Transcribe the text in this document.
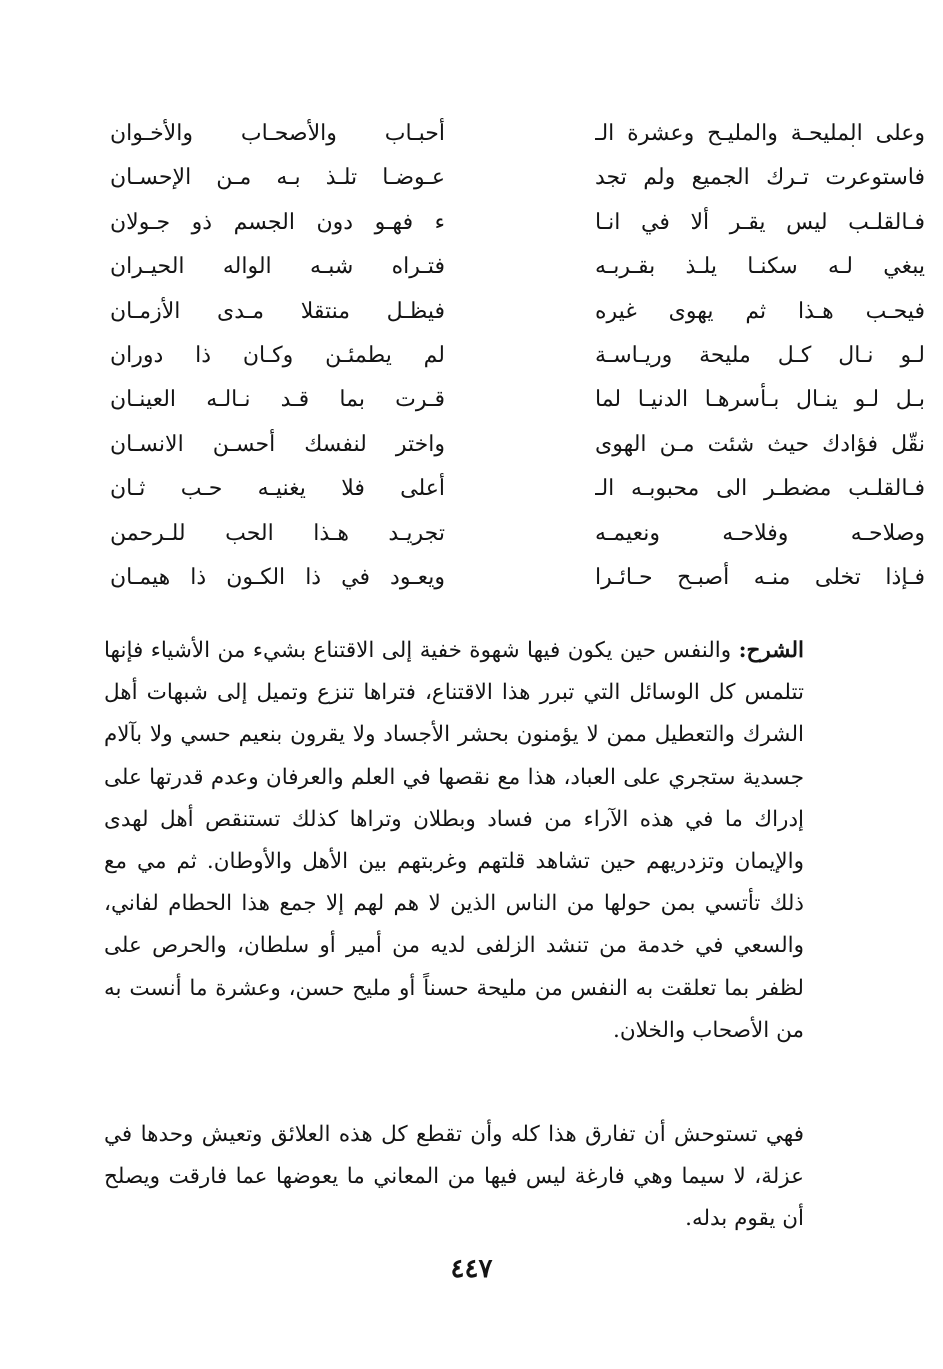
وعلى المليحـة والمليـح وعشرة الـ
فاستوعرت تـرك الجميع ولم تجد
فـالقلـب ليس يقـر ألا في انـا
يبغي لـه سكنـا يلـذ بقـربـه
فيحـب هـذا ثم يهوى غيره
لـو نـال كـل مليحة وريـاسـة
بـل لـو ينـال بـأسرهـا الدنيـا لما
نقّل فؤادك حيث شئت مـن الهوى
فـالقلـب مضطـر الى محبوبـه الـ
وصلاحـه وفلاحـه ونعيمـه
فـإذا تخلى منـه أصبـح حـائـرا
أحبـاب والأصحـاب والأخـوان
عـوضـا تلـذ بـه مـن الإحسـان
ء فهـو دون الجسم ذو جـولان
فتـراه شبـه الواله الحيـران
فيظـل منتقلا مـدى الأزمـان
لم يطمئـن وكـان ذا دوران
قـرت بما قـد نـالـه العينـان
واختر لنفسك أحسـن الانسـان
أعلى فلا يغنيـه حـب ثـان
تجريـد هـذا الحب للـرحمن
ويعـود في ذا الكـون ذا هيمـان

الشرح: والنفس حين يكون فيها شهوة خفية إلى الاقتناع بشيء من الأشياء فإنها تتلمس كل الوسائل التي تبرر هذا الاقتناع، فتراها تنزع وتميل إلى شبهات أهل الشرك والتعطيل ممن لا يؤمنون بحشر الأجساد ولا يقرون بنعيم حسي ولا بآلام جسدية ستجري على العباد، هذا مع نقصها في العلم والعرفان وعدم قدرتها على إدراك ما في هذه الآراء من فساد وبطلان وتراها كذلك تستنقص أهل لهدى والإيمان وتزدريهم حين تشاهد قلتهم وغربتهم بين الأهل والأوطان. ثم مي مع ذلك تأتسي بمن حولها من الناس الذين لا هم لهم إلا جمع هذا الحطام لفاني، والسعي في خدمة من تنشد الزلفى لديه من أمير أو سلطان، والحرص على لظفر بما تعلقت به النفس من مليحة حسناً أو مليح حسن، وعشرة ما أنست به من الأصحاب والخلان.

فهي تستوحش أن تفارق هذا كله وأن تقطع كل هذه العلائق وتعيش وحدها في عزلة، لا سيما وهي فارغة ليس فيها من المعاني ما يعوضها عما فارقت ويصلح أن يقوم بدله.

٤٤٧
